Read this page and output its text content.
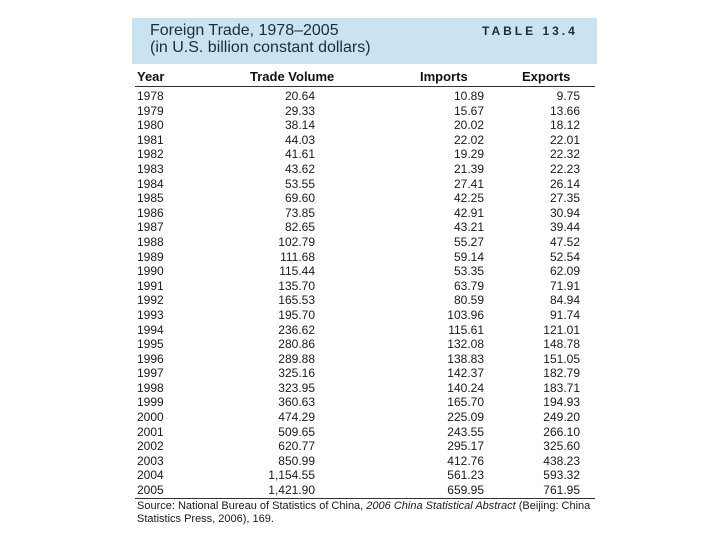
Foreign Trade, 1978–2005
(in U.S. billion constant dollars)
TABLE 13.4
Year	Trade Volume	Imports	Exports
1978	20.64	10.89	9.75
1979	29.33	15.67	13.66
1980	38.14	20.02	18.12
1981	44.03	22.02	22.01
1982	41.61	19.29	22.32
1983	43.62	21.39	22.23
1984	53.55	27.41	26.14
1985	69.60	42.25	27.35
1986	73.85	42.91	30.94
1987	82.65	43.21	39.44
1988	102.79	55.27	47.52
1989	111.68	59.14	52.54
1990	115.44	53.35	62.09
1991	135.70	63.79	71.91
1992	165.53	80.59	84.94
1993	195.70	103.96	91.74
1994	236.62	115.61	121.01
1995	280.86	132.08	148.78
1996	289.88	138.83	151.05
1997	325.16	142.37	182.79
1998	323.95	140.24	183.71
1999	360.63	165.70	194.93
2000	474.29	225.09	249.20
2001	509.65	243.55	266.10
2002	620.77	295.17	325.60
2003	850.99	412.76	438.23
2004	1,154.55	561.23	593.32
2005	1,421.90	659.95	761.95
Source: National Bureau of Statistics of China, 2006 China Statistical Abstract (Beijing: China Statistics Press, 2006), 169.
